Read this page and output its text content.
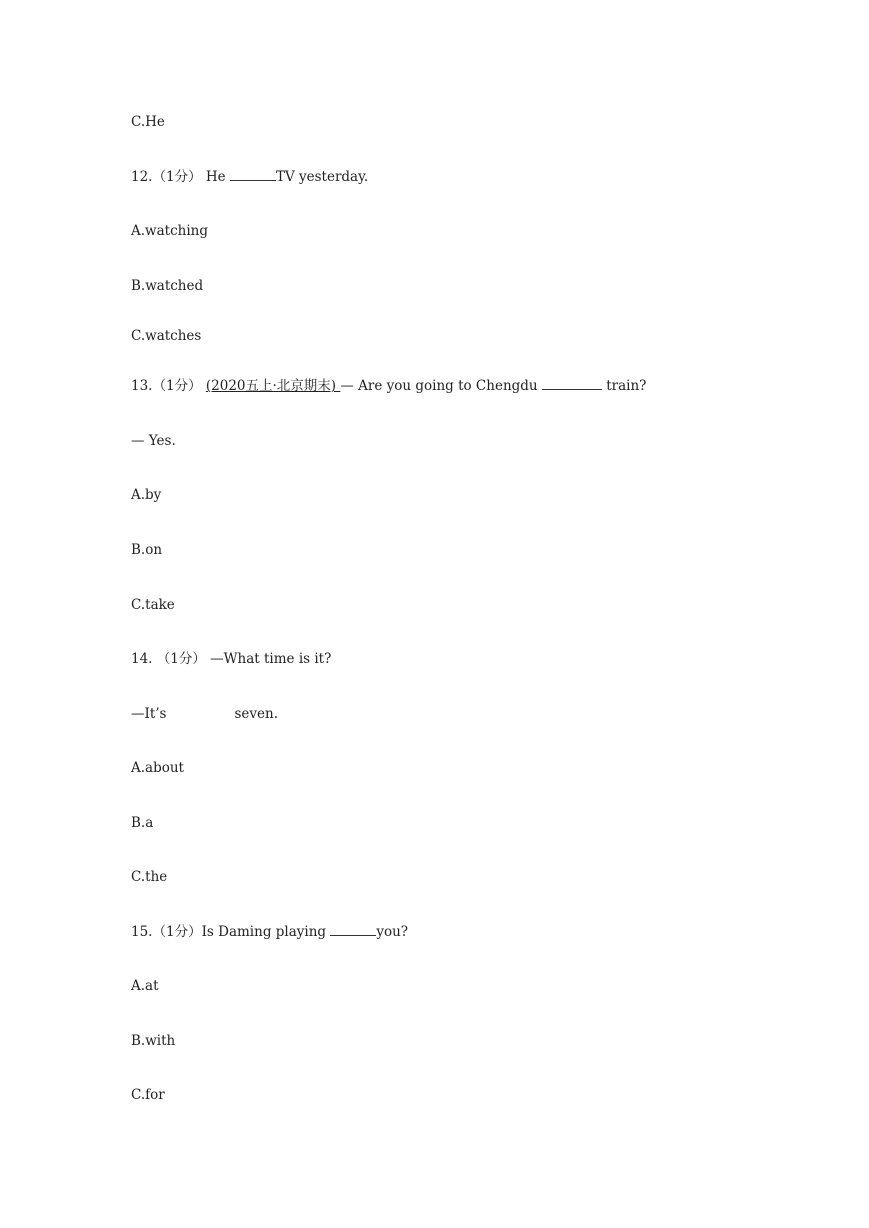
C.He
12.（1分） He	TV yesterday.
A.watching
B.watched
C.watches
13.（1分） (2020五上·北京期末) — Are you going to Chengdu	train?
— Yes.
A.by
B.on
C.take
14. （1分） —What time is it?
—It’s	seven.
A.about
B.a
C.the
15.（1分）Is Daming playing	you?
A.at
B.with
C.for
